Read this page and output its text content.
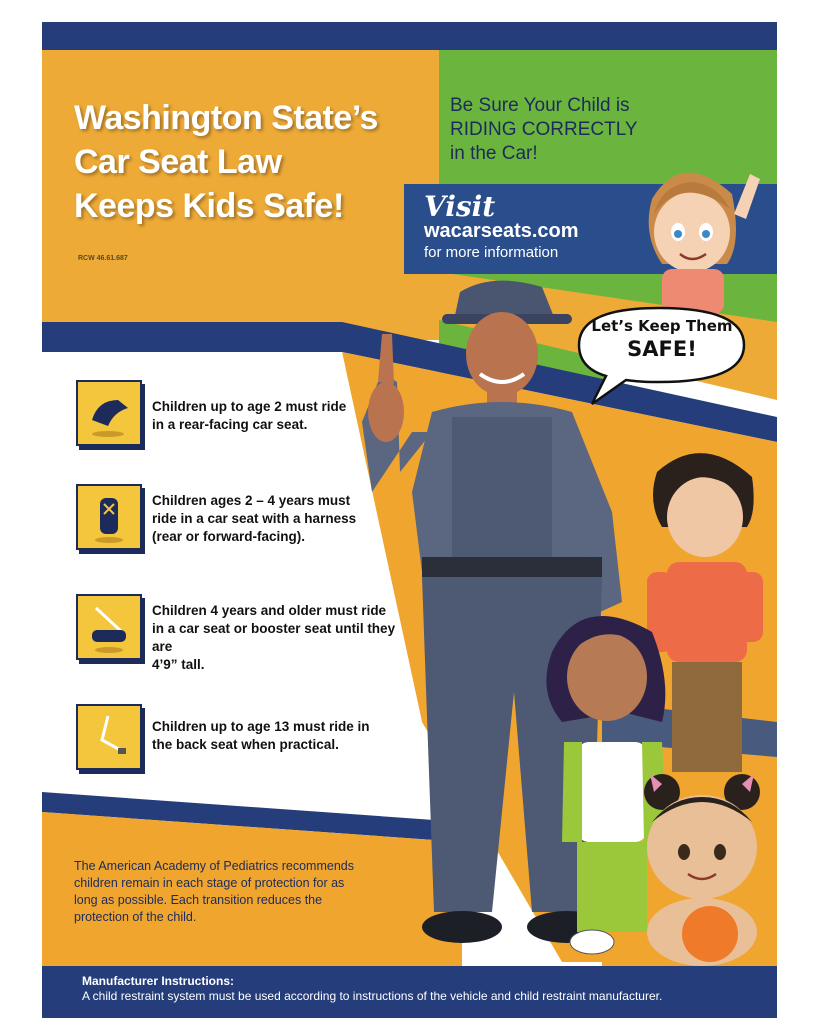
Washington State’s
Car Seat Law
Keeps Kids Safe!
RCW 46.61.687
Be Sure Your Child is
RIDING CORRECTLY
in the Car!
Visit
wacarseats.com
for more information
Let’s Keep Them
SAFE!
Children up to age 2 must ride
in a rear-facing car seat.
Children ages 2 – 4 years must
ride in a car seat with a harness
(rear or forward-facing).
Children 4 years and older must ride
in a car seat or booster seat until they are
4’9” tall.
Children up to age 13 must ride in
the back seat when practical.
The American Academy of Pediatrics recommends
children remain in each stage of protection for as
long as possible. Each transition reduces the
protection of the child.
Manufacturer Instructions:
A child restraint system must be used according to instructions of the vehicle and child restraint manufacturer.
